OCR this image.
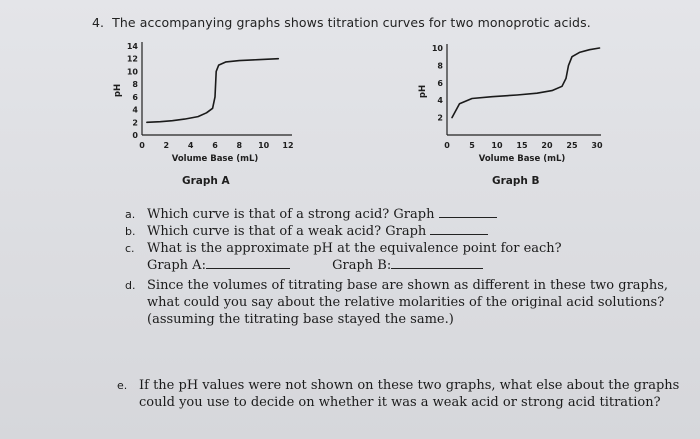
4. The accompanying graphs shows titration curves for two monoprotic acids.
0
2
4
6
8
10
12
14
0 2 4 6 8 10 12
Volume Base (mL)
pH
Graph A
2
4
6
8
10
0 5 10 15 20 25 30
Volume Base (mL)
pH
Graph B
a. Which curve is that of a strong acid? Graph
b. Which curve is that of a weak acid? Graph
c. What is the approximate pH at the equivalence point for each?
Graph A:	Graph B:
d. Since the volumes of titrating base are shown as different in these two graphs,
what could you say about the relative molarities of the original acid solutions?
(assuming the titrating base stayed the same.)
e. If the pH values were not shown on these two graphs, what else about the graphs
could you use to decide on whether it was a weak acid or strong acid titration?
